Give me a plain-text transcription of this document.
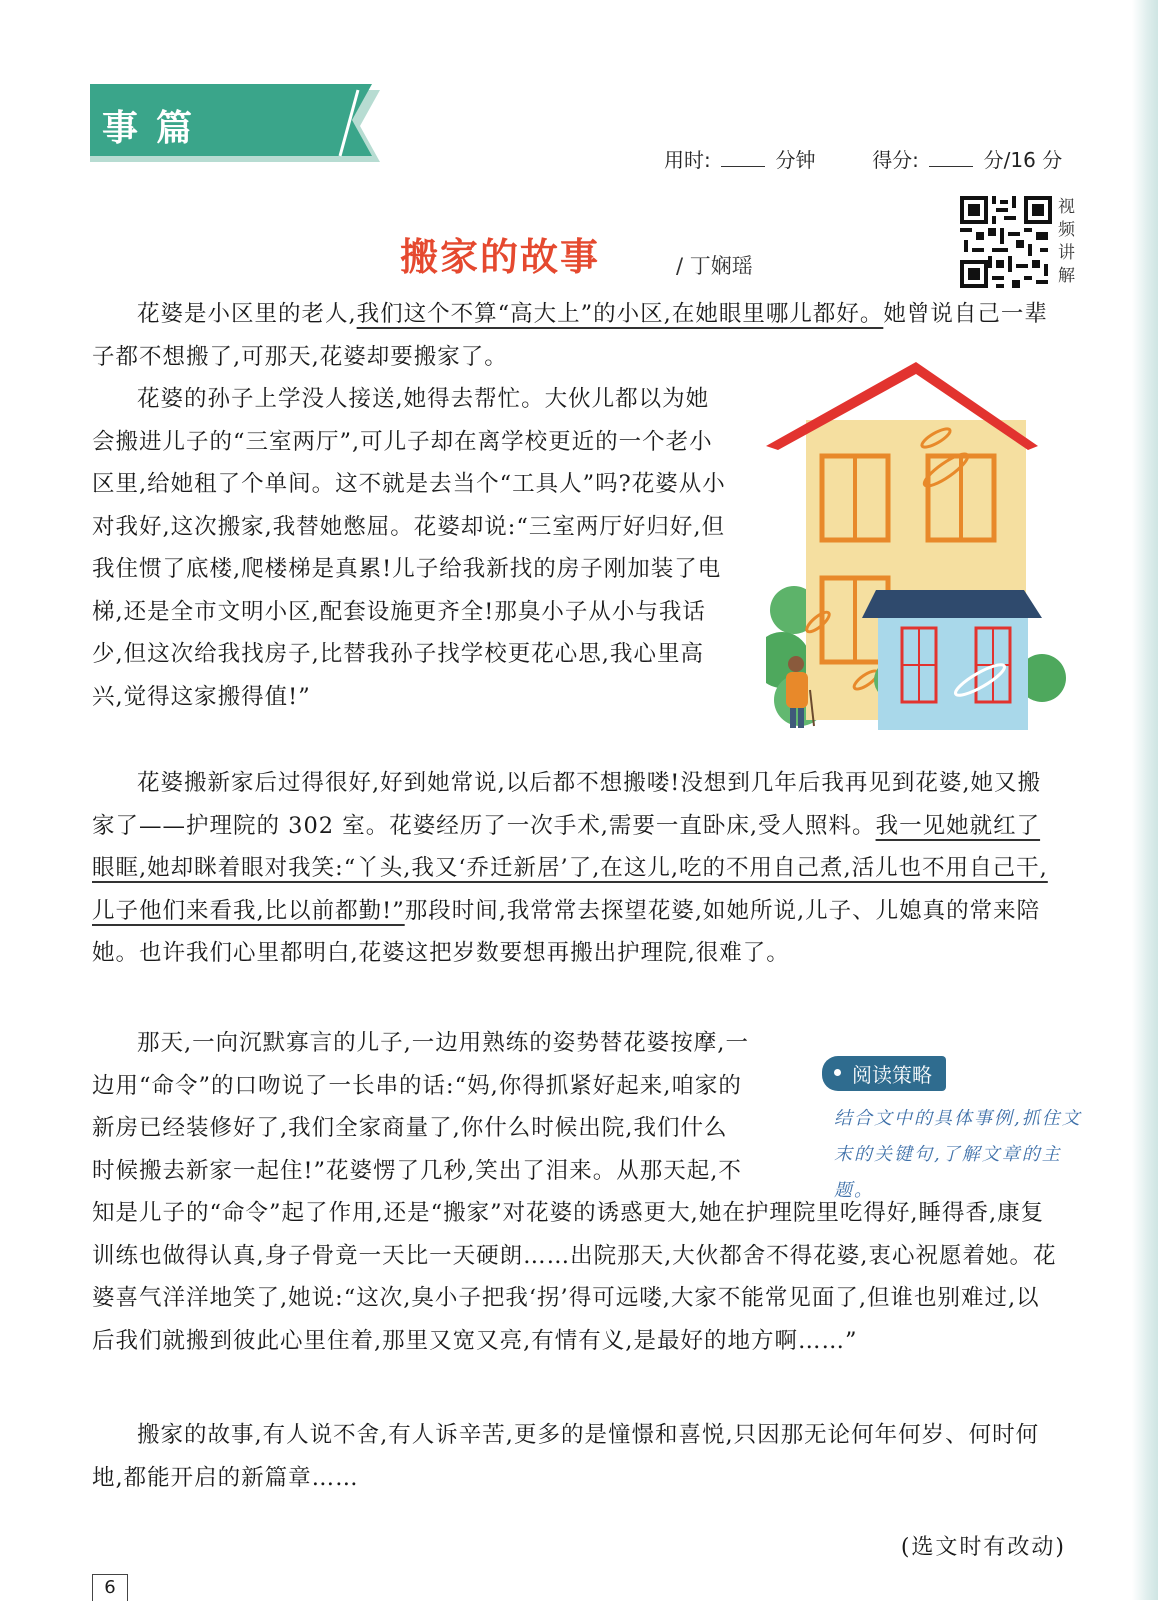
记事篇
用时:	分钟	得分:	分/16 分
搬家的故事	/ 丁娴瑶
视频讲解

花婆是小区里的老人,我们这个不算“高大上”的小区,在她眼里哪儿都好。她曾说自己一辈子都不想搬了,可那天,花婆却要搬家了。

花婆的孙子上学没人接送,她得去帮忙。大伙儿都以为她会搬进儿子的“三室两厅”,可儿子却在离学校更近的一个老小区里,给她租了个单间。这不就是去当个“工具人”吗?花婆从小对我好,这次搬家,我替她憋屈。花婆却说:“三室两厅好归好,但我住惯了底楼,爬楼梯是真累!儿子给我新找的房子刚加装了电梯,还是全市文明小区,配套设施更齐全!那臭小子从小与我话少,但这次给我找房子,比替我孙子找学校更花心思,我心里高兴,觉得这家搬得值!”

花婆搬新家后过得很好,好到她常说,以后都不想搬喽!没想到几年后我再见到花婆,她又搬家了——护理院的 302 室。花婆经历了一次手术,需要一直卧床,受人照料。我一见她就红了眼眶,她却眯着眼对我笑:“丫头,我又‘乔迁新居’了,在这儿,吃的不用自己煮,活儿也不用自己干,儿子他们来看我,比以前都勤!”那段时间,我常常去探望花婆,如她所说,儿子、儿媳真的常来陪她。也许我们心里都明白,花婆这把岁数要想再搬出护理院,很难了。

那天,一向沉默寡言的儿子,一边用熟练的姿势替花婆按摩,一边用“命令”的口吻说了一长串的话:“妈,你得抓紧好起来,咱家的新房已经装修好了,我们全家商量了,你什么时候出院,我们什么时候搬去新家一起住!”花婆愣了几秒,笑出了泪来。从那天起,不知是儿子的“命令”起了作用,还是“搬家”对花婆的诱惑更大,她在护理院里吃得好,睡得香,康复训练也做得认真,身子骨竟一天比一天硬朗……出院那天,大伙都舍不得花婆,衷心祝愿着她。花婆喜气洋洋地笑了,她说:“这次,臭小子把我‘拐’得可远喽,大家不能常见面了,但谁也别难过,以后我们就搬到彼此心里住着,那里又宽又亮,有情有义,是最好的地方啊……”

阅读策略
结合文中的具体事例,抓住文末的关键句,了解文章的主题。

搬家的故事,有人说不舍,有人诉辛苦,更多的是憧憬和喜悦,只因那无论何年何岁、何时何地,都能开启的新篇章……

(选文时有改动)
6
